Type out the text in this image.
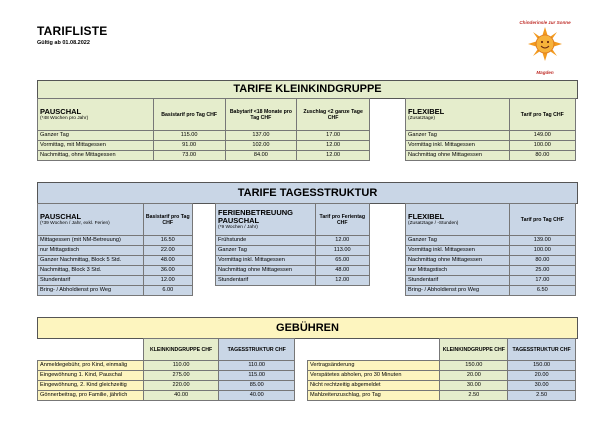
TARIFLISTE
Gültig ab 01.08.2022
Chinderinsle zur Sonne
Magden
TARIFE KLEINKINDGRUPPE
PAUSCHAL
(*48 Wochen pro Jahr)	Basistarif pro Tag CHF	Babytarif <18 Monate pro Tag CHF	Zuschlag <2 ganze Tage CHF
Ganzer Tag	115.00	137.00	17.00
Vormittag, mit Mittagessen	91.00	102.00	12.00
Nachmittag, ohne Mittagessen	73.00	84.00	12.00
FLEXIBEL
(Zusatztage)	Tarif pro Tag CHF
Ganzer Tag	149.00
Vormittag inkl. Mittagessen	100.00
Nachmittag ohne Mittagessen	80.00
TARIFE TAGESSTRUKTUR
PAUSCHAL
(*39 Wochen / Jahr, exkl. Ferien)	Basistarif pro Tag CHF
Mittagessen (mit NM-Betreuung)	16.50
nur Mittagstisch	22.00
Ganzer Nachmittag, Block 5 Std.	48.00
Nachmittag, Block 3 Std.	36.00
Stundentarif	12.00
Bring- / Abholdienst pro Weg	6.00
FERIENBETREUUNG
PAUSCHAL
(*9 Wochen / Jahr)	Tarif pro Ferientag CHF
Frühstunde	12.00
Ganzer Tag	113.00
Vormittag inkl. Mittagessen	65.00
Nachmittag ohne Mittagessen	48.00
Stundentarif	12.00
FLEXIBEL
(Zusatztage / -Stunden)	Tarif pro Tag CHF
Ganzer Tag	139.00
Vormittag inkl. Mittagessen	100.00
Nachmittag ohne Mittagessen	80.00
nur Mittagstisch	25.00
Stundentarif	17.00
Bring- / Abholdienst pro Weg	6.50
GEBÜHREN
	KLEINKINDGRUPPE CHF	TAGESSTRUKTUR CHF
Anmeldegebühr, pro Kind, einmalig	110.00	110.00
Eingewöhnung 1. Kind, Pauschal	275.00	115.00
Eingewöhnung, 2. Kind gleichzeitig	220.00	85.00
Gönnerbeitrag, pro Familie, jährlich	40.00	40.00
	KLEINKINDGRUPPE CHF	TAGESSTRUKTUR CHF
Vertragsänderung	150.00	150.00
Verspätetes abholen, pro 30 Minuten	20.00	20.00
Nicht rechtzeitig abgemeldet	30.00	30.00
Mahlzeitenzuschlag, pro Tag	2.50	2.50
